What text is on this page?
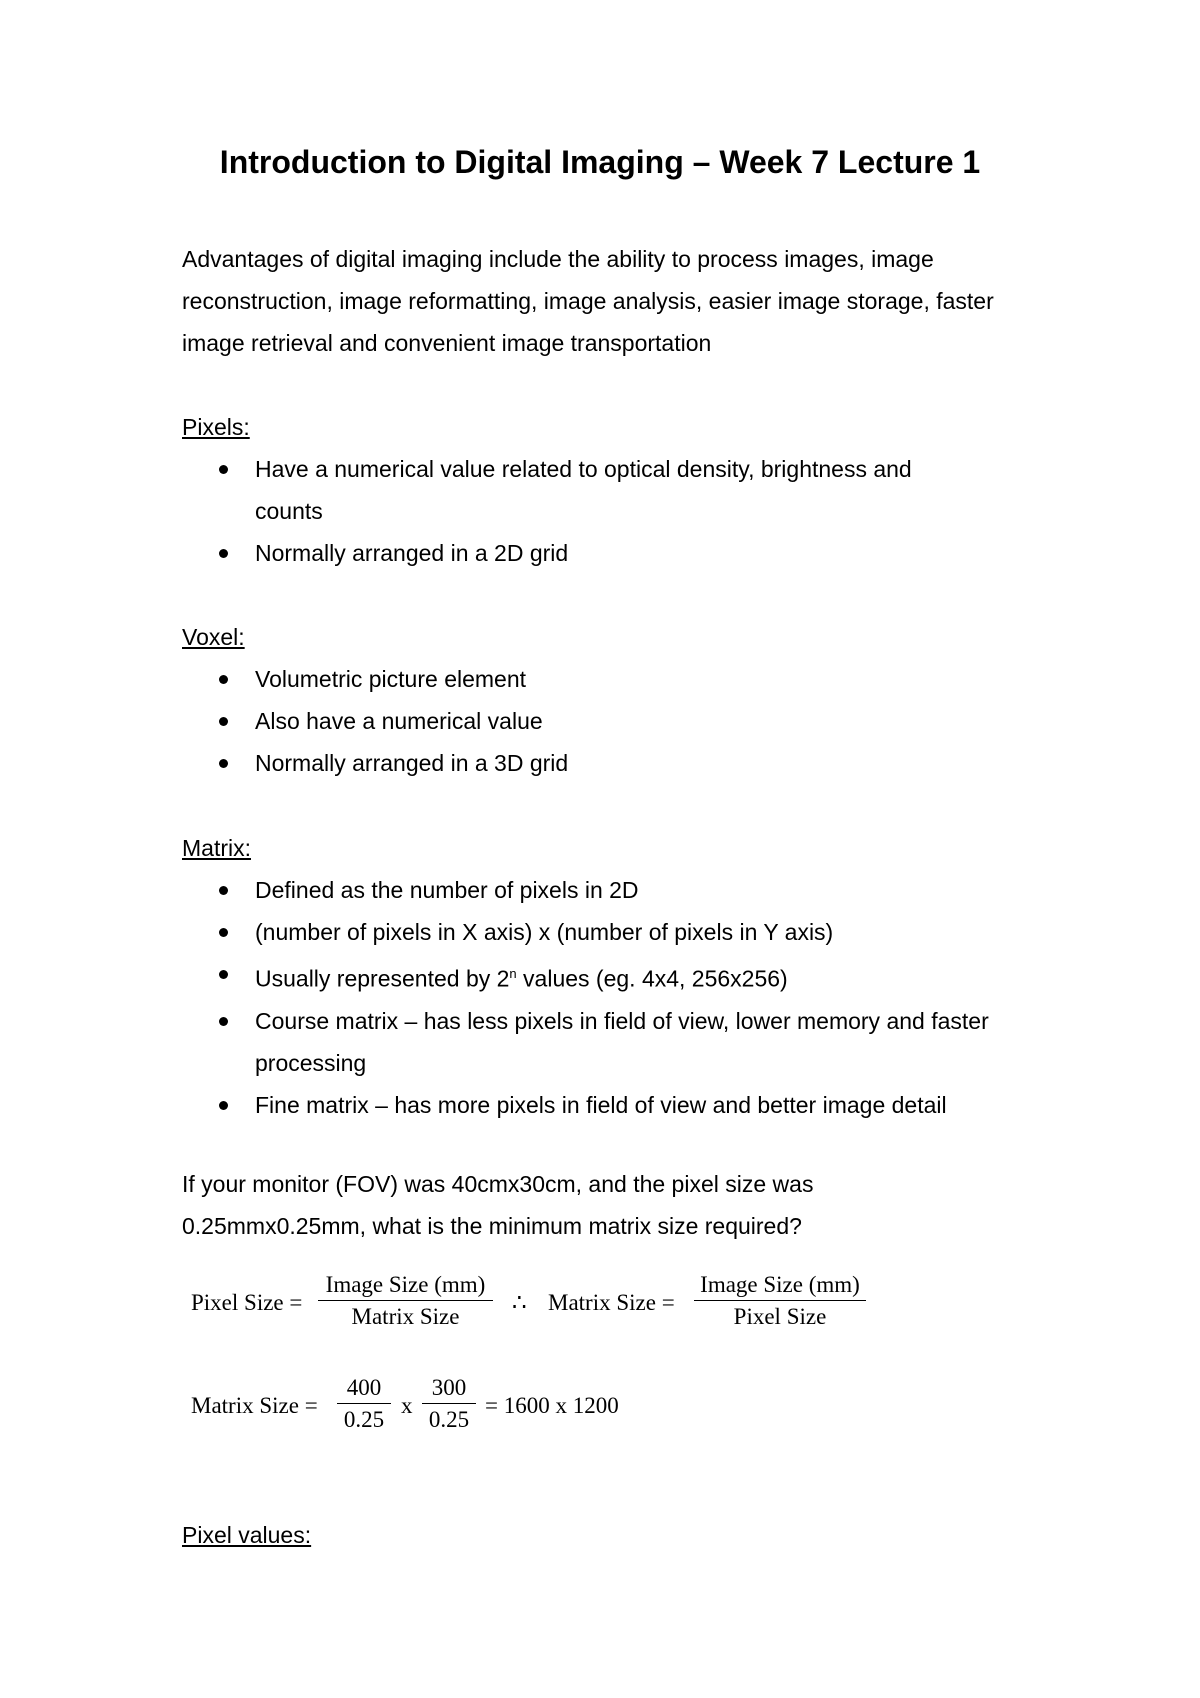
Introduction to Digital Imaging – Week 7 Lecture 1

Advantages of digital imaging include the ability to process images, image reconstruction, image reformatting, image analysis, easier image storage, faster image retrieval and convenient image transportation

Pixels:

Have a numerical value related to optical density, brightness and counts
Normally arranged in a 2D grid

Voxel:

Volumetric picture element
Also have a numerical value
Normally arranged in a 3D grid

Matrix:

Defined as the number of pixels in 2D
(number of pixels in X axis) x (number of pixels in Y axis)
Usually represented by 2$^n$ values (eg. 4x4, 256x256)
Course matrix – has less pixels in field of view, lower memory and faster processing
Fine matrix – has more pixels in field of view and better image detail

If your monitor (FOV) was 40cmx30cm, and the pixel size was 0.25mmx0.25mm, what is the minimum matrix size required?

Pixel Size =
Image Size (mm)
Matrix Size
∴ Matrix Size =
Image Size (mm)
Pixel Size
Matrix Size =
400
0.25
x
300
0.25
= 1600 x 1200

Pixel values:
